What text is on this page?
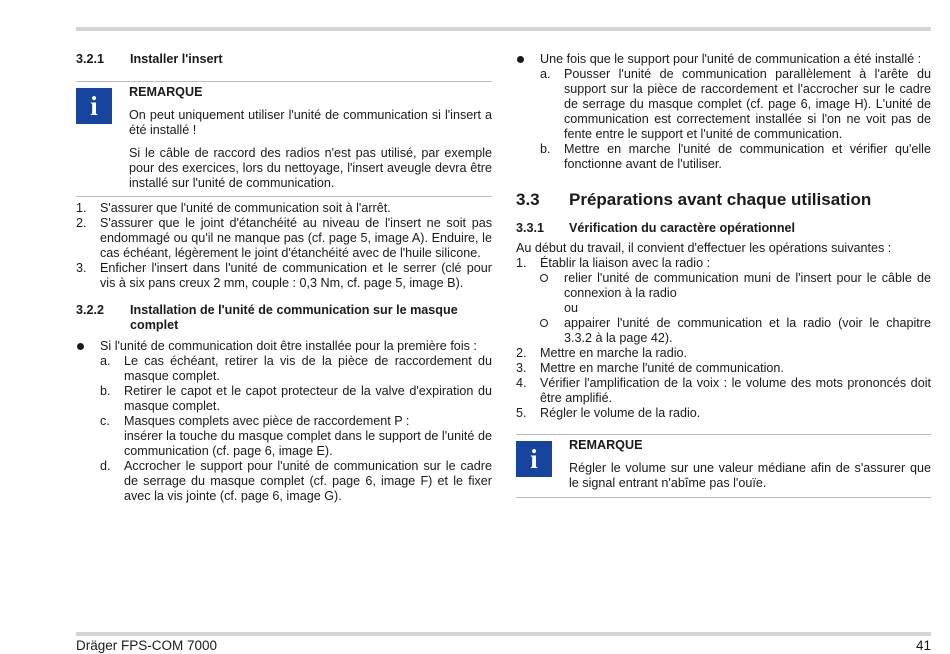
3.2.1	Installer l'insert
i	REMARQUE
On peut uniquement utiliser l'unité de communication si l'insert a été installé !
Si le câble de raccord des radios n'est pas utilisé, par exemple pour des exercices, lors du nettoyage, l'insert aveugle devra être installé sur l'unité de communication.
1.	S'assurer que l'unité de communication soit à l'arrêt.
2.	S'assurer que le joint d'étanchéité au niveau de l'insert ne soit pas endommagé ou qu'il ne manque pas (cf. page 5, image A). Enduire, le cas échéant, légèrement le joint d'étanchéité avec de l'huile silicone.
3.	Enficher l'insert dans l'unité de communication et le serrer (clé pour vis à six pans creux 2 mm, couple : 0,3 Nm, cf. page 5, image B).
3.2.2	Installation de l'unité de communication sur le masque complet
Si l'unité de communication doit être installée pour la première fois :
a.	Le cas échéant, retirer la vis de la pièce de raccordement du masque complet.
b.	Retirer le capot et le capot protecteur de la valve d'expiration du masque complet.
c.	Masques complets avec pièce de raccordement P :
insérer la touche du masque complet dans le support de l'unité de communication (cf. page 6, image E).
d.	Accrocher le support pour l'unité de communication sur le cadre de serrage du masque complet (cf. page 6, image F) et le fixer avec la vis jointe (cf. page 6, image G).
Une fois que le support pour l'unité de communication a été installé :
a.	Pousser l'unité de communication parallèlement à l'arête du support sur la pièce de raccordement et l'accrocher sur le cadre de serrage du masque complet (cf. page 6, image H). L'unité de communication est correctement installée si l'on ne voit pas de fente entre le support et l'unité de communication.
b.	Mettre en marche l'unité de communication et vérifier qu'elle fonctionne avant de l'utiliser.
3.3	Préparations avant chaque utilisation
3.3.1	Vérification du caractère opérationnel
Au début du travail, il convient d'effectuer les opérations suivantes :
1.	Établir la liaison avec la radio :
relier l'unité de communication muni de l'insert pour le câble de connexion à la radio
ou
appairer l'unité de communication et la radio (voir le chapitre 3.3.2 à la page 42).
2.	Mettre en marche la radio.
3.	Mettre en marche l'unité de communication.
4.	Vérifier l'amplification de la voix : le volume des mots prononcés doit être amplifié.
5.	Régler le volume de la radio.
i	REMARQUE
Régler le volume sur une valeur médiane afin de s'assurer que le signal entrant n'abîme pas l'ouïe.
Dräger FPS-COM 7000	41
